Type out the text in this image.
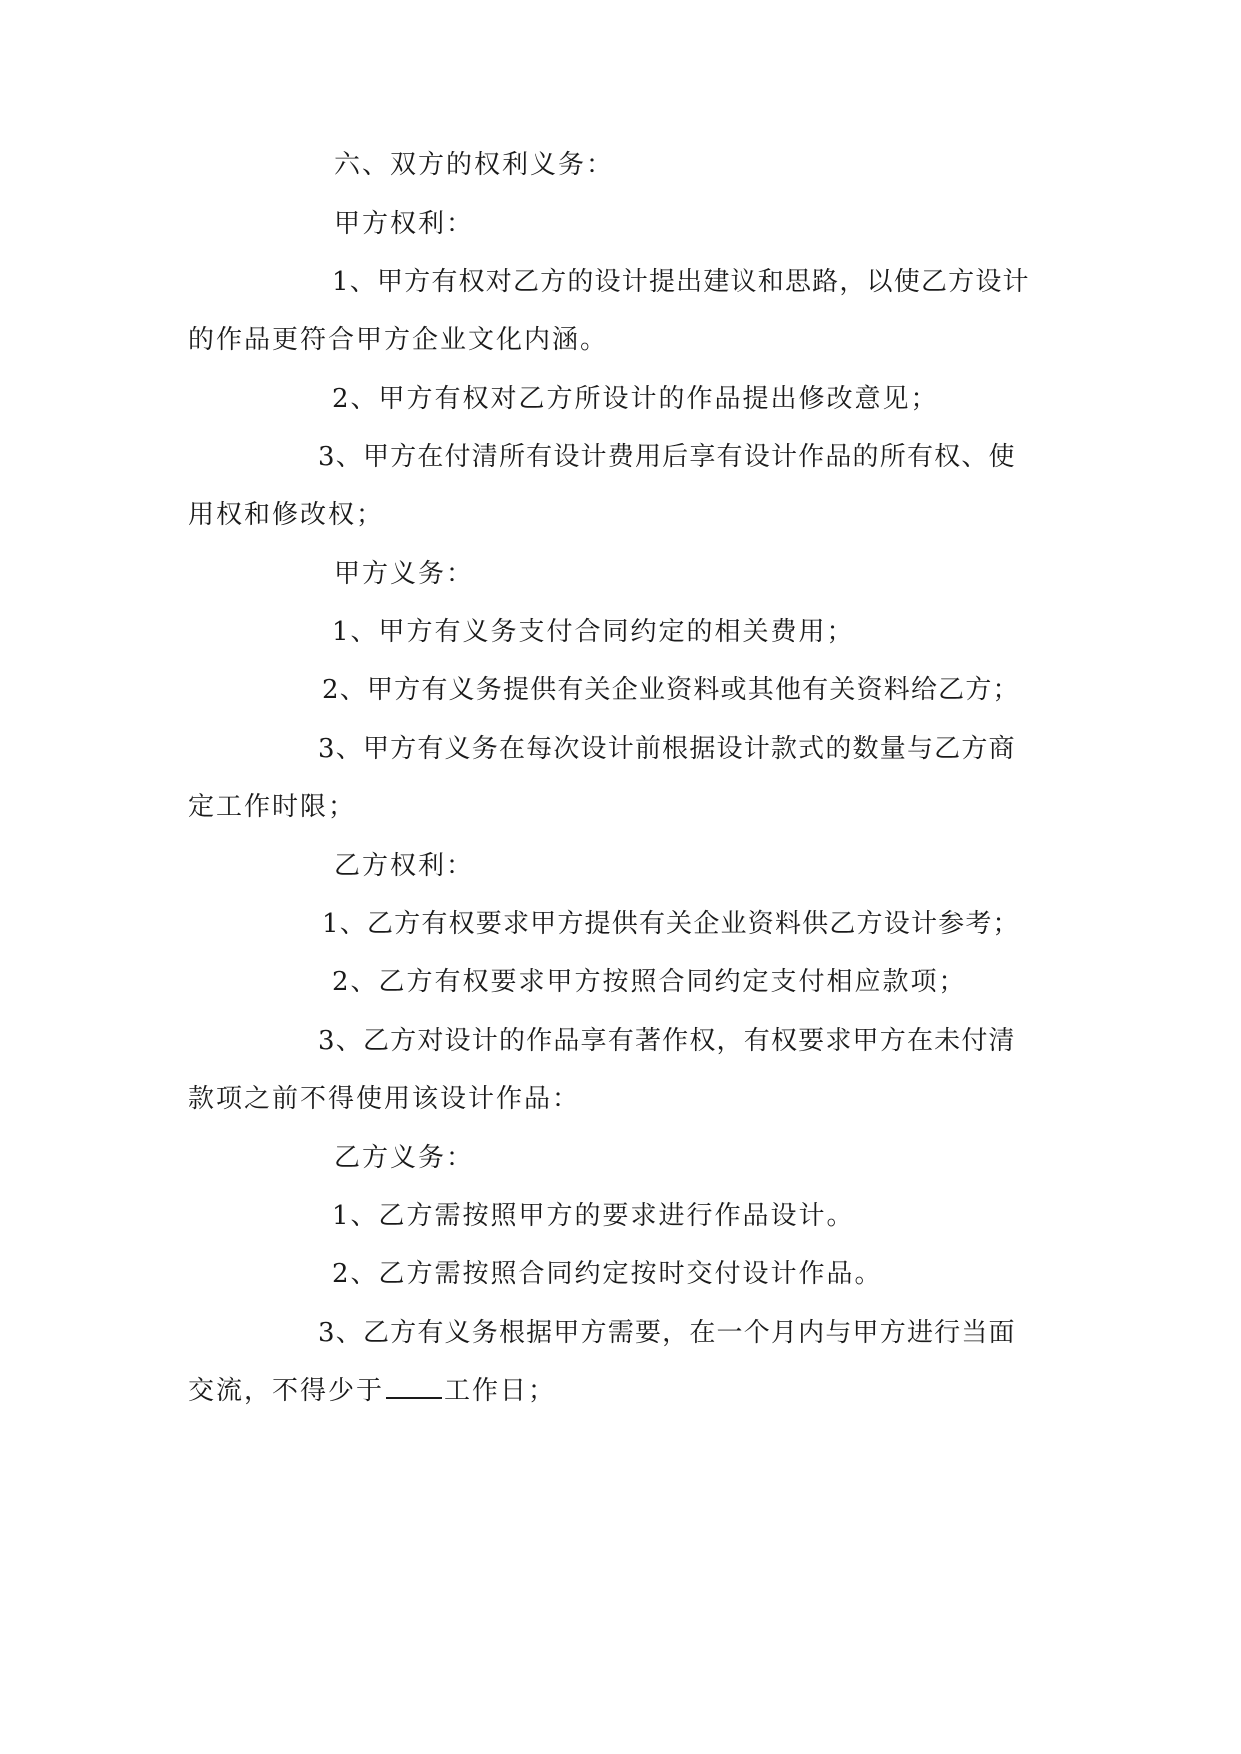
六、双方的权利义务：
甲方权利：
1、甲方有权对乙方的设计提出建议和思路，以使乙方设计
的作品更符合甲方企业文化内涵。
2、甲方有权对乙方所设计的作品提出修改意见；
3、甲方在付清所有设计费用后享有设计作品的所有权、使
用权和修改权；
甲方义务：
1、甲方有义务支付合同约定的相关费用；
2、甲方有义务提供有关企业资料或其他有关资料给乙方；
3、甲方有义务在每次设计前根据设计款式的数量与乙方商
定工作时限；
乙方权利：
1、乙方有权要求甲方提供有关企业资料供乙方设计参考；
2、乙方有权要求甲方按照合同约定支付相应款项；
3、乙方对设计的作品享有著作权，有权要求甲方在未付清
款项之前不得使用该设计作品：
乙方义务：
1、乙方需按照甲方的要求进行作品设计。
2、乙方需按照合同约定按时交付设计作品。
3、乙方有义务根据甲方需要，在一个月内与甲方进行当面
交流，不得少于 工作日；
